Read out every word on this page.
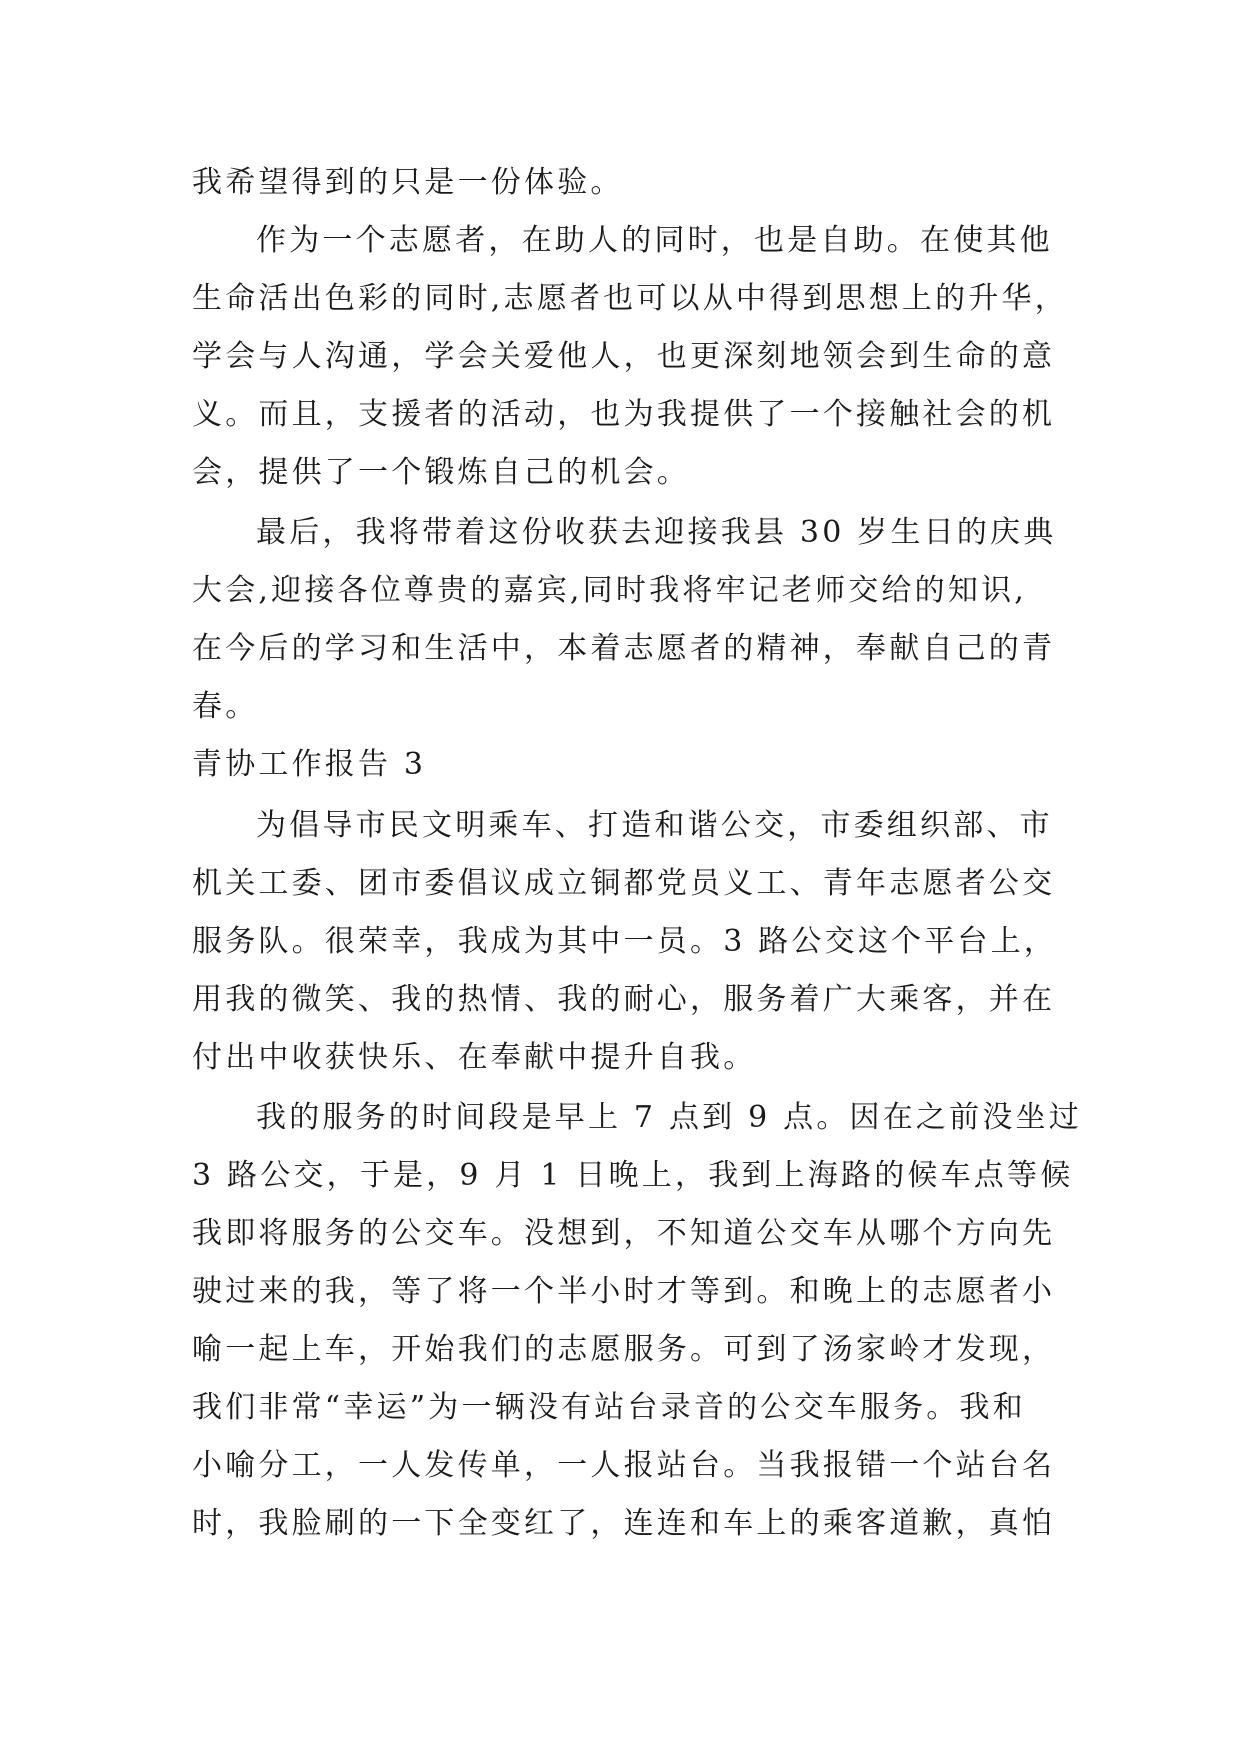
我希望得到的只是一份体验。
作为一个志愿者，在助人的同时，也是自助。在使其他
生命活出色彩的同时,志愿者也可以从中得到思想上的升华，
学会与人沟通，学会关爱他人，也更深刻地领会到生命的意
义。而且，支援者的活动，也为我提供了一个接触社会的机
会，提供了一个锻炼自己的机会。
最后，我将带着这份收获去迎接我县 30 岁生日的庆典
大会,迎接各位尊贵的嘉宾,同时我将牢记老师交给的知识,
在今后的学习和生活中，本着志愿者的精神，奉献自己的青
春。
青协工作报告 3
为倡导市民文明乘车、打造和谐公交，市委组织部、市
机关工委、团市委倡议成立铜都党员义工、青年志愿者公交
服务队。很荣幸，我成为其中一员。3 路公交这个平台上，
用我的微笑、我的热情、我的耐心，服务着广大乘客，并在
付出中收获快乐、在奉献中提升自我。
我的服务的时间段是早上 7 点到 9 点。因在之前没坐过
3 路公交，于是，9 月 1 日晚上，我到上海路的候车点等候
我即将服务的公交车。没想到，不知道公交车从哪个方向先
驶过来的我，等了将一个半小时才等到。和晚上的志愿者小
喻一起上车，开始我们的志愿服务。可到了汤家岭才发现，
我们非常“幸运”为一辆没有站台录音的公交车服务。我和
小喻分工，一人发传单，一人报站台。当我报错一个站台名
时，我脸刷的一下全变红了，连连和车上的乘客道歉，真怕
